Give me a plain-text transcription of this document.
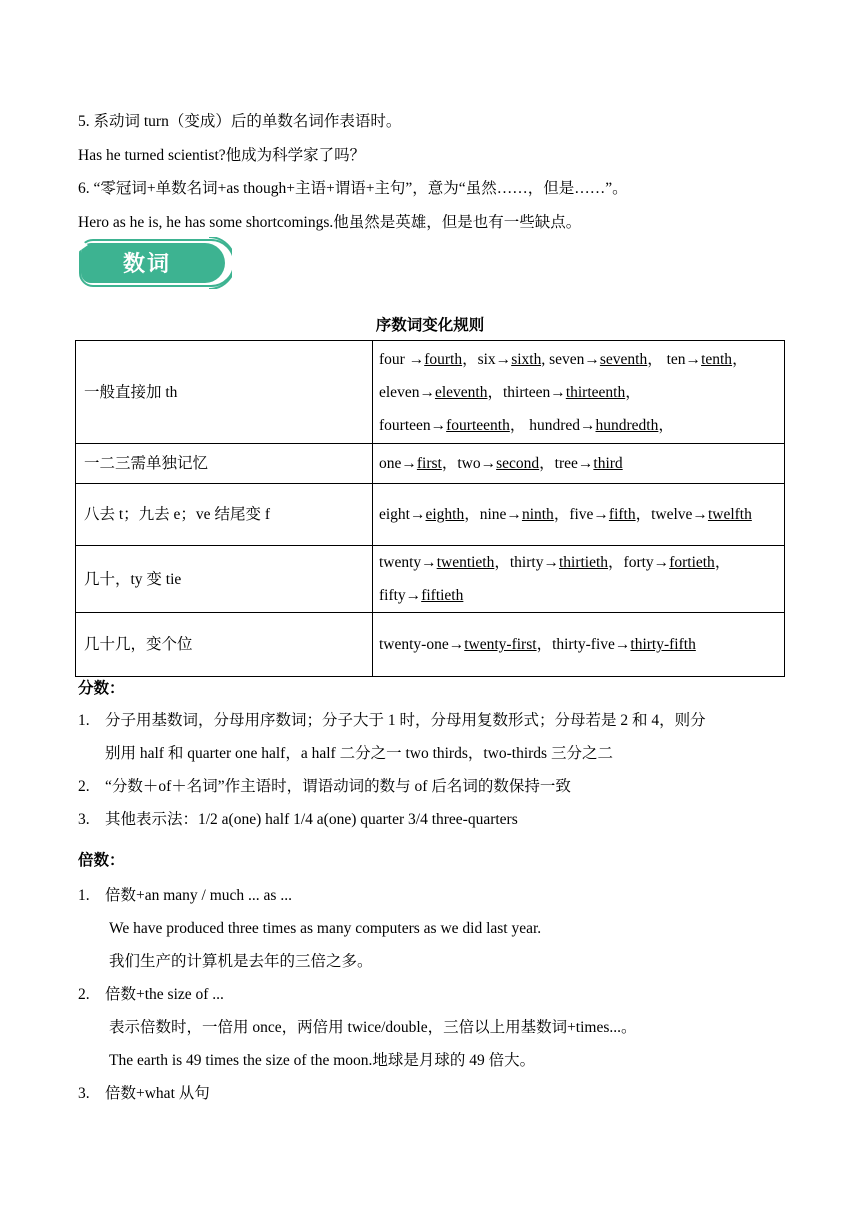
5. 系动词 turn（变成）后的单数名词作表语时。
Has he turned scientist?他成为科学家了吗？
6. “零冠词+单数名词+as though+主语+谓语+主句”，意为“虽然……，但是……”。
Hero as he is, he has some shortcomings.他虽然是英雄，但是也有一些缺点。
数词
序数词变化规则
一般直接加 th	four →fourth，six→sixth, seven→seventh， ten→tenth，
eleven→eleventh，thirteen→thirteenth，
fourteen→fourteenth， hundred→hundredth，

一二三需单独记忆	one→first，two→second，tree→third

八去 t；九去 e；ve 结尾变 f	eight→eighth，nine→ninth，five→fifth，twelve→twelfth

几十，ty 变 tie	twenty→twentieth，thirty→thirtieth，forty→fortieth，
fifty→fiftieth

几十几，变个位	twenty-one→twenty-first，thirty-five→thirty-fifth
分数：
1. 分子用基数词，分母用序数词；分子大于 1 时，分母用复数形式；分母若是 2 和 4，则分
别用 half 和 quarter one half，a half 二分之一 two thirds，two-thirds 三分之二
2. “分数＋of＋名词”作主语时，谓语动词的数与 of 后名词的数保持一致
3. 其他表示法：1/2 a(one) half 1/4 a(one) quarter 3/4 three-quarters
倍数：
1. 倍数+an many / much ... as ...
We have produced three times as many computers as we did last year.
我们生产的计算机是去年的三倍之多。
2. 倍数+the size of ...
表示倍数时，一倍用 once，两倍用 twice/double，三倍以上用基数词+times...。
The earth is 49 times the size of the moon.地球是月球的 49 倍大。
3. 倍数+what 从句
